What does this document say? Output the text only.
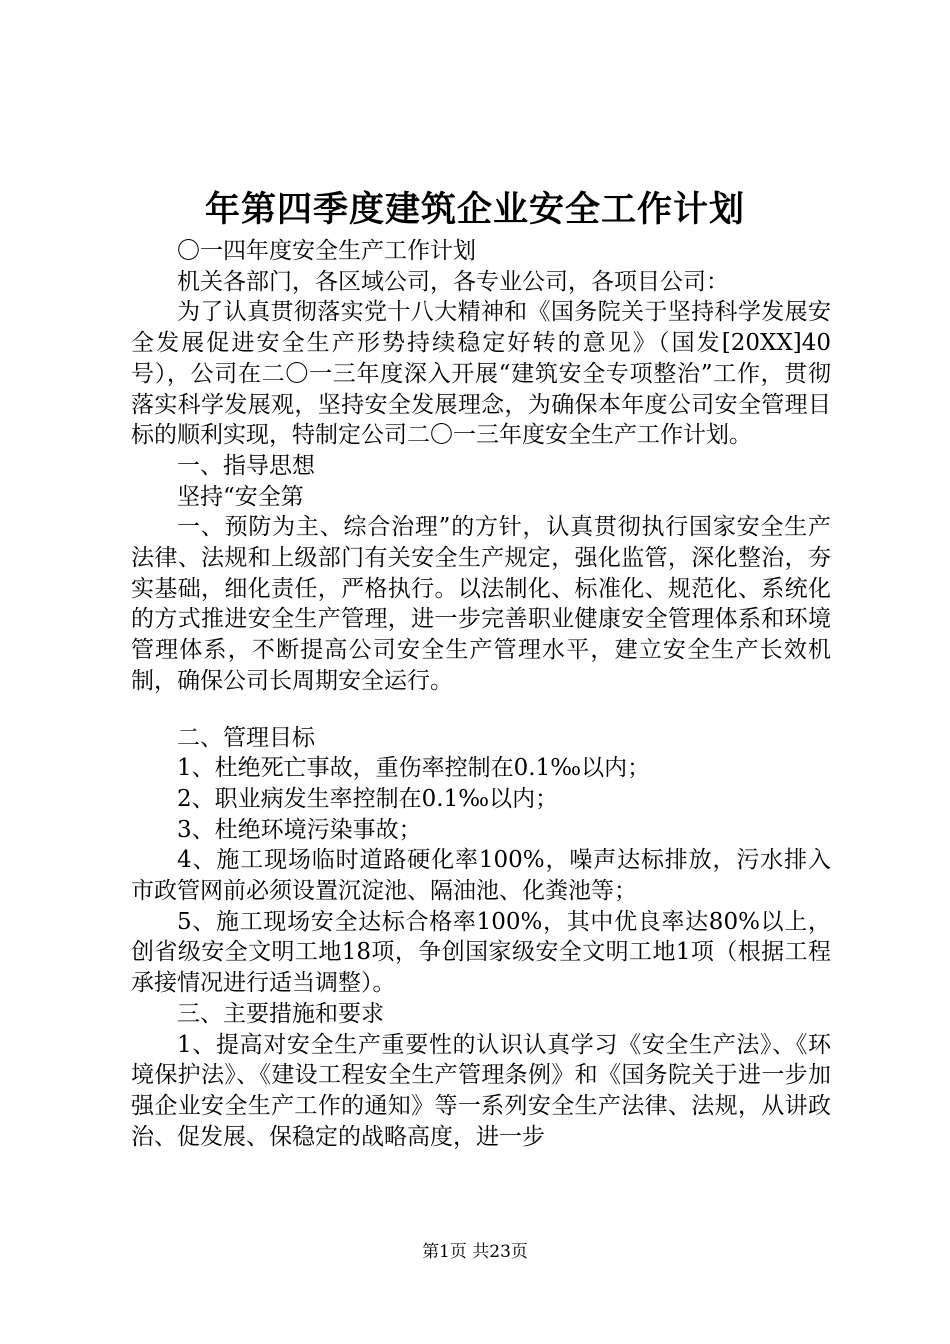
年第四季度建筑企业安全工作计划

〇一四年度安全生产工作计划

机关各部门，各区域公司，各专业公司，各项目公司：

为了认真贯彻落实党十八大精神和《国务院关于坚持科学发展安全发展促进安全生产形势持续稳定好转的意见》（国发[20XX]40号），公司在二〇一三年度深入开展“建筑安全专项整治”工作，贯彻落实科学发展观，坚持安全发展理念，为确保本年度公司安全管理目标的顺利实现，特制定公司二〇一三年度安全生产工作计划。

一、指导思想

坚持“安全第

一、预防为主、综合治理”的方针，认真贯彻执行国家安全生产法律、法规和上级部门有关安全生产规定，强化监管，深化整治，夯实基础，细化责任，严格执行。以法制化、标准化、规范化、系统化的方式推进安全生产管理，进一步完善职业健康安全管理体系和环境管理体系，不断提高公司安全生产管理水平，建立安全生产长效机制，确保公司长周期安全运行。

二、管理目标

1、杜绝死亡事故，重伤率控制在0.1‰以内；

2、职业病发生率控制在0.1‰以内；

3、杜绝环境污染事故；

4、施工现场临时道路硬化率100%，噪声达标排放，污水排入市政管网前必须设置沉淀池、隔油池、化粪池等；

5、施工现场安全达标合格率100%，其中优良率达80%以上，创省级安全文明工地18项，争创国家级安全文明工地1项（根据工程承接情况进行适当调整）。

三、主要措施和要求

1、提高对安全生产重要性的认识认真学习《安全生产法》、《环境保护法》、《建设工程安全生产管理条例》和《国务院关于进一步加强企业安全生产工作的通知》等一系列安全生产法律、法规，从讲政治、促发展、保稳定的战略高度，进一步

第1页 共23页
